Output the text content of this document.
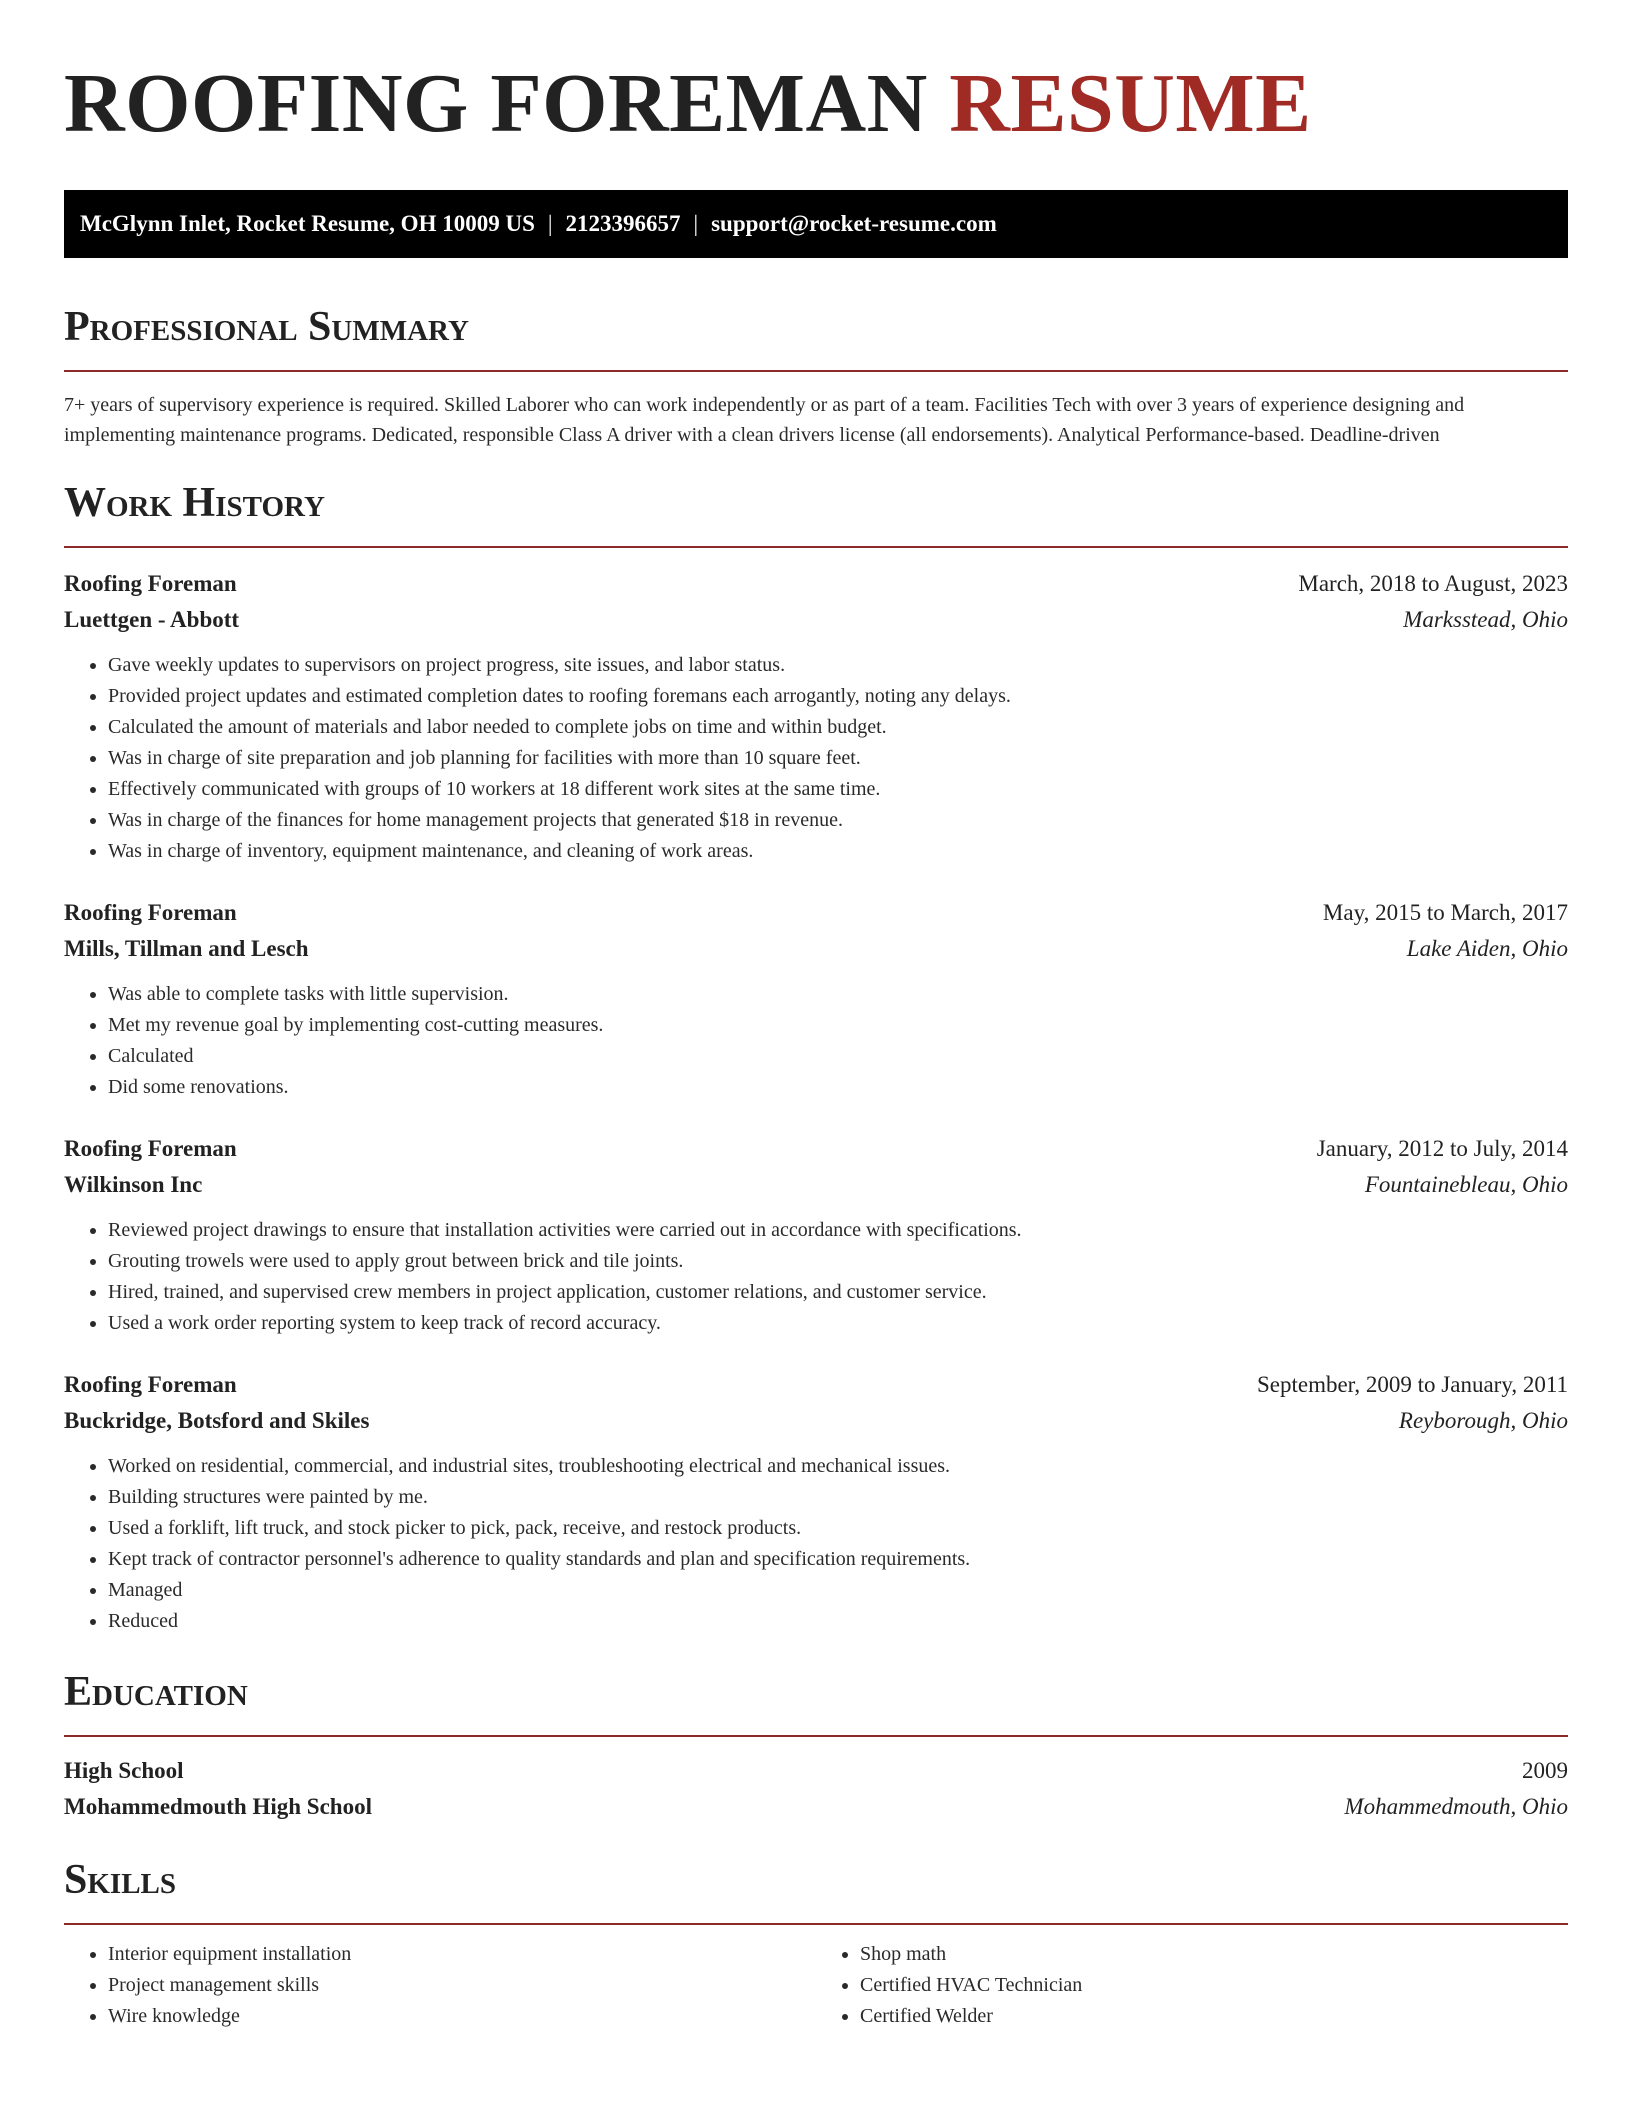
ROOFING FOREMAN RESUME
McGlynn Inlet, Rocket Resume, OH 10009 US | 2123396657 | support@rocket-resume.com
Professional Summary
7+ years of supervisory experience is required. Skilled Laborer who can work independently or as part of a team. Facilities Tech with over 3 years of experience designing and implementing maintenance programs. Dedicated, responsible Class A driver with a clean drivers license (all endorsements). Analytical Performance-based. Deadline-driven
Work History
Roofing Foreman	March, 2018 to August, 2023
Luettgen - Abbott	Marksstead, Ohio
• Gave weekly updates to supervisors on project progress, site issues, and labor status.
• Provided project updates and estimated completion dates to roofing foremans each arrogantly, noting any delays.
• Calculated the amount of materials and labor needed to complete jobs on time and within budget.
• Was in charge of site preparation and job planning for facilities with more than 10 square feet.
• Effectively communicated with groups of 10 workers at 18 different work sites at the same time.
• Was in charge of the finances for home management projects that generated $18 in revenue.
• Was in charge of inventory, equipment maintenance, and cleaning of work areas.
Roofing Foreman	May, 2015 to March, 2017
Mills, Tillman and Lesch	Lake Aiden, Ohio
• Was able to complete tasks with little supervision.
• Met my revenue goal by implementing cost-cutting measures.
• Calculated
• Did some renovations.
Roofing Foreman	January, 2012 to July, 2014
Wilkinson Inc	Fountainebleau, Ohio
• Reviewed project drawings to ensure that installation activities were carried out in accordance with specifications.
• Grouting trowels were used to apply grout between brick and tile joints.
• Hired, trained, and supervised crew members in project application, customer relations, and customer service.
• Used a work order reporting system to keep track of record accuracy.
Roofing Foreman	September, 2009 to January, 2011
Buckridge, Botsford and Skiles	Reyborough, Ohio
• Worked on residential, commercial, and industrial sites, troubleshooting electrical and mechanical issues.
• Building structures were painted by me.
• Used a forklift, lift truck, and stock picker to pick, pack, receive, and restock products.
• Kept track of contractor personnel's adherence to quality standards and plan and specification requirements.
• Managed
• Reduced
Education
High School	2009
Mohammedmouth High School	Mohammedmouth, Ohio
Skills
• Interior equipment installation
• Project management skills
• Wire knowledge
• Shop math
• Certified HVAC Technician
• Certified Welder
